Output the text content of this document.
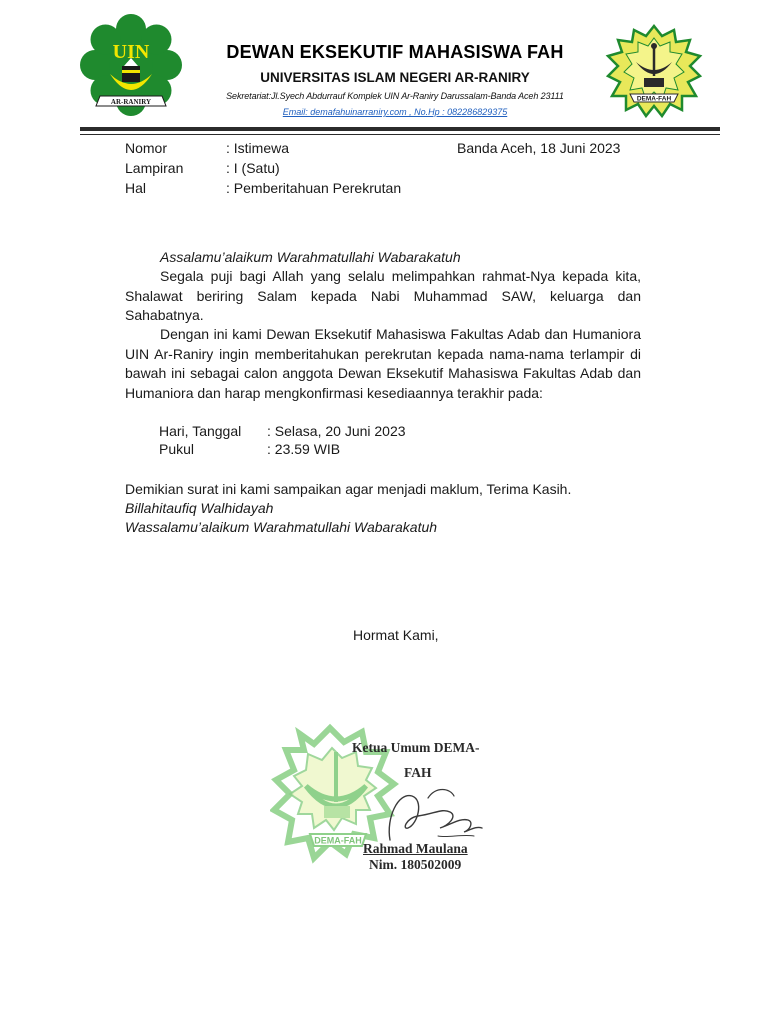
UIN
AR-RANIRY
DEWAN EKSEKUTIF MAHASISWA FAH
UNIVERSITAS ISLAM NEGERI AR-RANIRY
Sekretariat:Jl.Syech Abdurrauf Komplek UIN Ar-Raniry Darussalam-Banda Aceh 23111
Email: demafahuinarraniry.com , No.Hp : 082286829375
DEMA-FAH
Nomor	: Istimewa
Lampiran	: I (Satu)
Hal	: Pemberitahuan Perekrutan
Banda Aceh, 18 Juni 2023
Assalamu’alaikum Warahmatullahi Wabarakatuh
Segala puji bagi Allah yang selalu melimpahkan rahmat-Nya kepada kita, Shalawat beriring Salam kepada Nabi Muhammad SAW, keluarga dan Sahabatnya.
Dengan ini kami Dewan Eksekutif Mahasiswa Fakultas Adab dan Humaniora UIN Ar-Raniry ingin memberitahukan perekrutan kepada nama-nama terlampir di bawah ini sebagai calon anggota Dewan Eksekutif Mahasiswa Fakultas Adab dan Humaniora dan harap mengkonfirmasi kesediaannya terakhir pada:
Hari, Tanggal : Selasa, 20 Juni 2023
Pukul	: 23.59 WIB
Demikian surat ini kami sampaikan agar menjadi maklum, Terima Kasih.
Billahitaufiq Walhidayah
Wassalamu’alaikum Warahmatullahi Wabarakatuh
Hormat Kami,
DEMA-FAH
Ketua Umum DEMA-
FAH
Rahmad Maulana
Nim. 180502009
